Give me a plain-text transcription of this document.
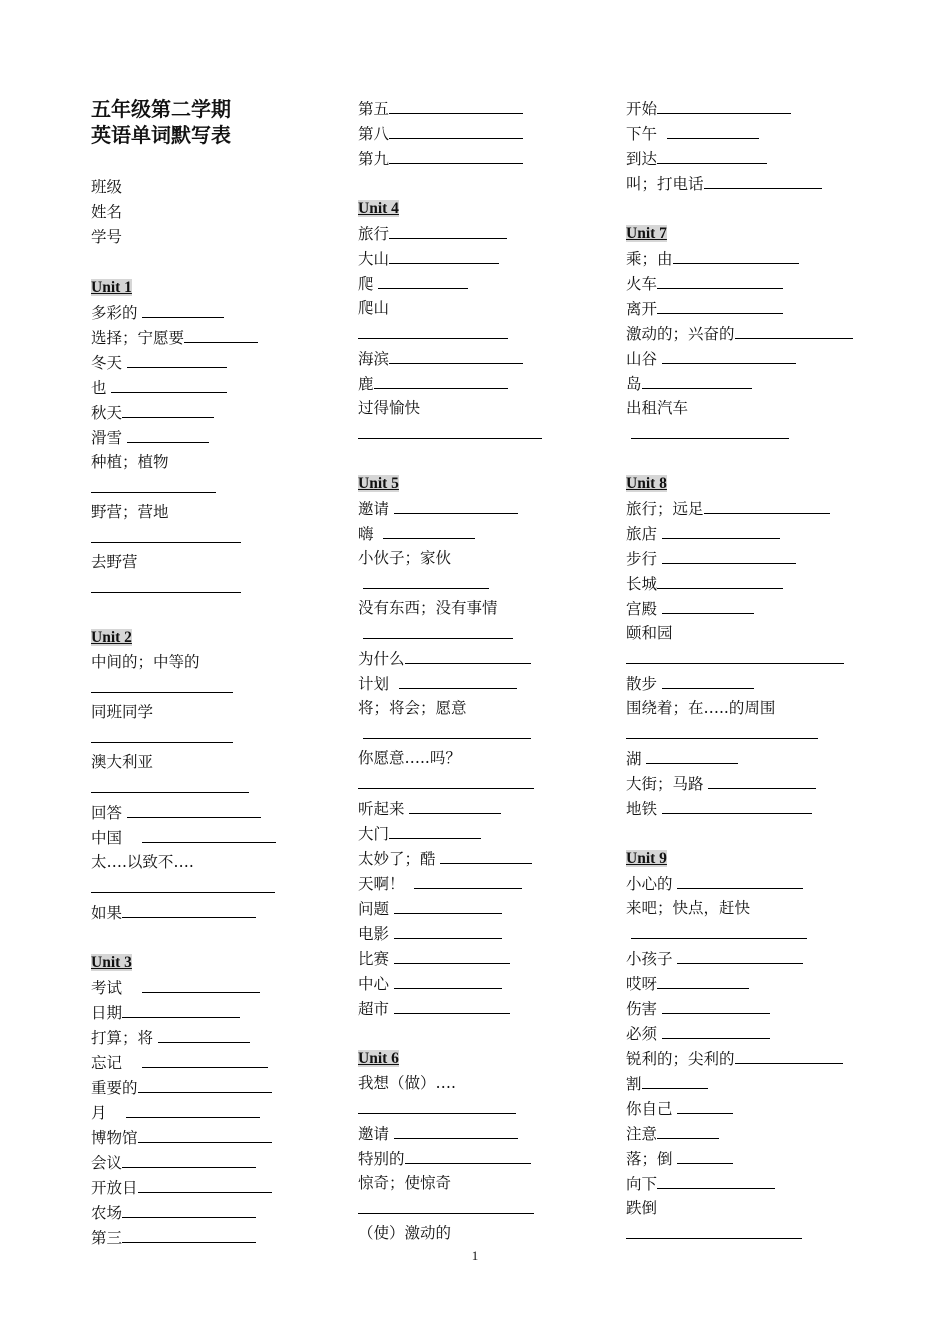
五年级第二学期
英语单词默写表
班级
姓名
学号
Unit 1
多彩的
选择；宁愿要
冬天
也
秋天
滑雪
种植；植物
野营；营地
去野营
Unit 2
中间的；中等的
同班同学
澳大利亚
回答
中国
太….以致不….
如果
Unit 3
考试
日期
打算；将
忘记
重要的
月
博物馆
会议
开放日
农场
第三
第五
第八
第九
Unit 4
旅行
大山
爬
爬山
海滨
鹿
过得愉快
Unit 5
邀请
嗨
小伙子；家伙

没有东西；没有事情

为什么
计划
将；将会；愿意

你愿意…..吗？
听起来
大门
太妙了；酷
天啊！
问题
电影
比赛
中心
超市
Unit 6
我想（做）….
邀请
特别的
惊奇；使惊奇
（使）激动的
开始
下午
到达
叫；打电话
Unit 7
乘；由
火车
离开
激动的；兴奋的
山谷
岛
出租汽车

Unit 8
旅行；远足
旅店
步行
长城
宫殿
颐和园
散步
围绕着；在…..的周围
湖
大街；马路
地铁
Unit 9
小心的
来吧；快点，赶快

小孩子
哎呀
伤害
必须
锐利的；尖利的
割
你自己
注意
落；倒
向下
跌倒
1
